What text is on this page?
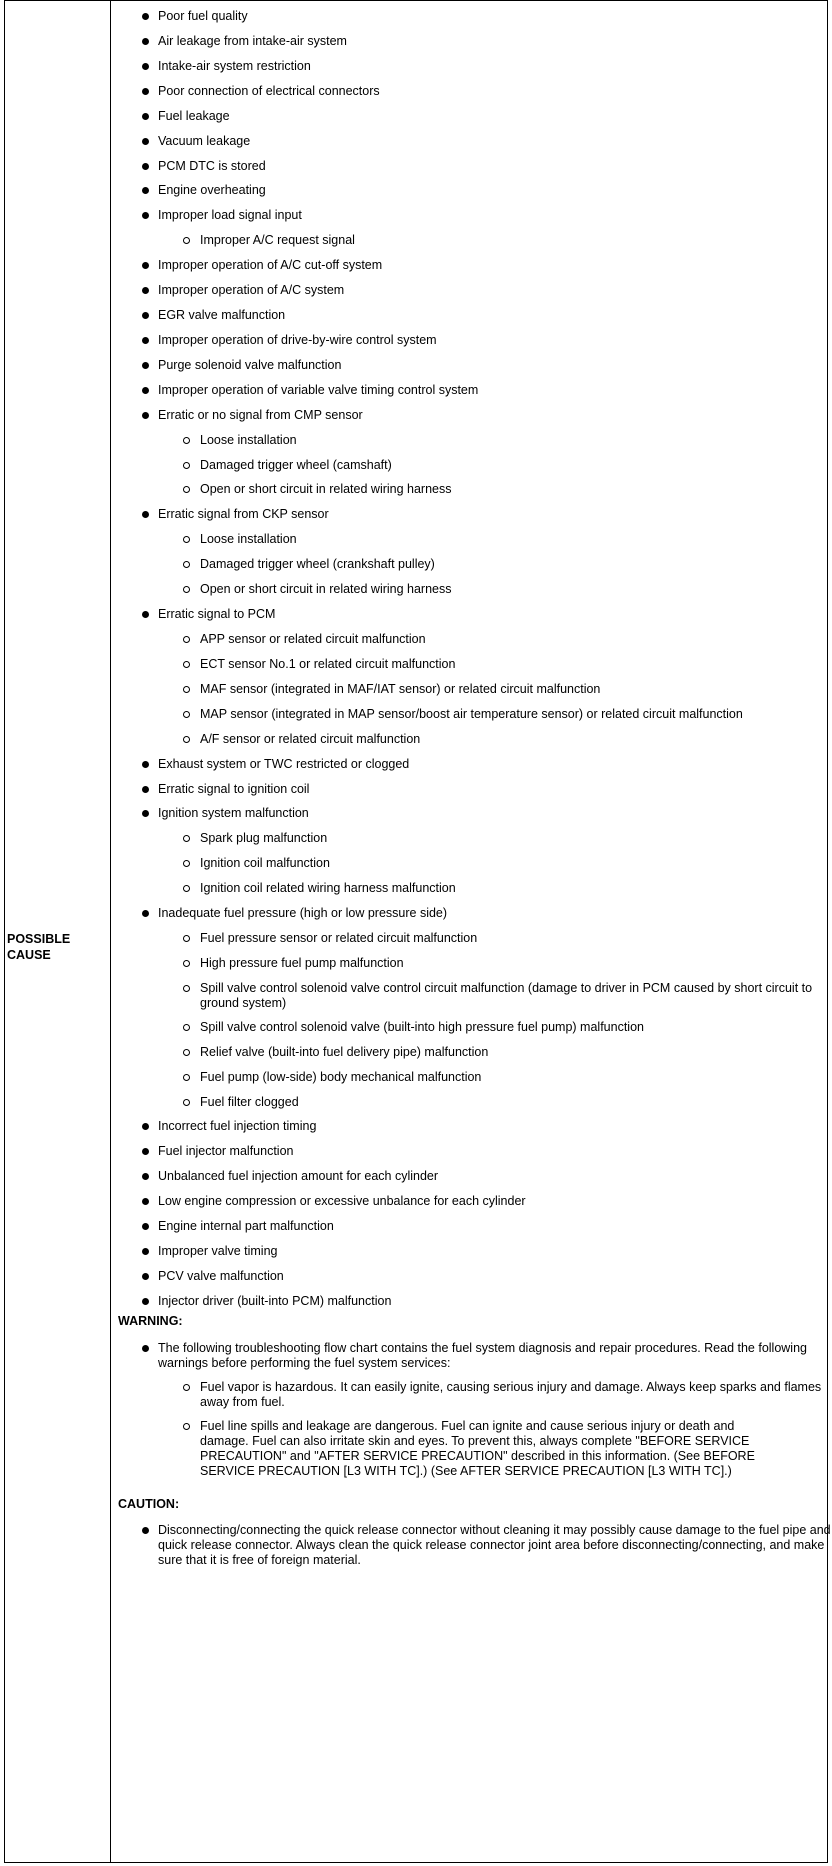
POSSIBLE
CAUSE
WARNING:
The following troubleshooting flow chart contains the fuel system diagnosis and repair procedures. Read the following warnings before performing the fuel system services:
Fuel vapor is hazardous. It can easily ignite, causing serious injury and damage. Always keep sparks and flames away from fuel.
Fuel line spills and leakage are dangerous. Fuel can ignite and cause serious injury or death and damage. Fuel can also irritate skin and eyes. To prevent this, always complete "BEFORE SERVICE PRECAUTION" and "AFTER SERVICE PRECAUTION" described in this information. (See BEFORE SERVICE PRECAUTION [L3 WITH TC].) (See AFTER SERVICE PRECAUTION [L3 WITH TC].)
CAUTION:
Disconnecting/connecting the quick release connector without cleaning it may possibly cause damage to the fuel pipe and quick release connector. Always clean the quick release connector joint area before disconnecting/connecting, and make sure that it is free of foreign material.
Poor fuel quality
Air leakage from intake-air system
Intake-air system restriction
Poor connection of electrical connectors
Fuel leakage
Vacuum leakage
PCM DTC is stored
Engine overheating
Improper load signal input
Improper A/C request signal
Improper operation of A/C cut-off system
Improper operation of A/C system
EGR valve malfunction
Improper operation of drive-by-wire control system
Purge solenoid valve malfunction
Improper operation of variable valve timing control system
Erratic or no signal from CMP sensor
Loose installation
Damaged trigger wheel (camshaft)
Open or short circuit in related wiring harness
Erratic signal from CKP sensor
Loose installation
Damaged trigger wheel (crankshaft pulley)
Open or short circuit in related wiring harness
Erratic signal to PCM
APP sensor or related circuit malfunction
ECT sensor No.1 or related circuit malfunction
MAF sensor (integrated in MAF/IAT sensor) or related circuit malfunction
MAP sensor (integrated in MAP sensor/boost air temperature sensor) or related circuit malfunction
A/F sensor or related circuit malfunction
Exhaust system or TWC restricted or clogged
Erratic signal to ignition coil
Ignition system malfunction
Spark plug malfunction
Ignition coil malfunction
Ignition coil related wiring harness malfunction
Inadequate fuel pressure (high or low pressure side)
Fuel pressure sensor or related circuit malfunction
High pressure fuel pump malfunction
Spill valve control solenoid valve control circuit malfunction (damage to driver in PCM caused by short circuit to ground system)
Spill valve control solenoid valve (built-into high pressure fuel pump) malfunction
Relief valve (built-into fuel delivery pipe) malfunction
Fuel pump (low-side) body mechanical malfunction
Fuel filter clogged
Incorrect fuel injection timing
Fuel injector malfunction
Unbalanced fuel injection amount for each cylinder
Low engine compression or excessive unbalance for each cylinder
Engine internal part malfunction
Improper valve timing
PCV valve malfunction
Injector driver (built-into PCM) malfunction
